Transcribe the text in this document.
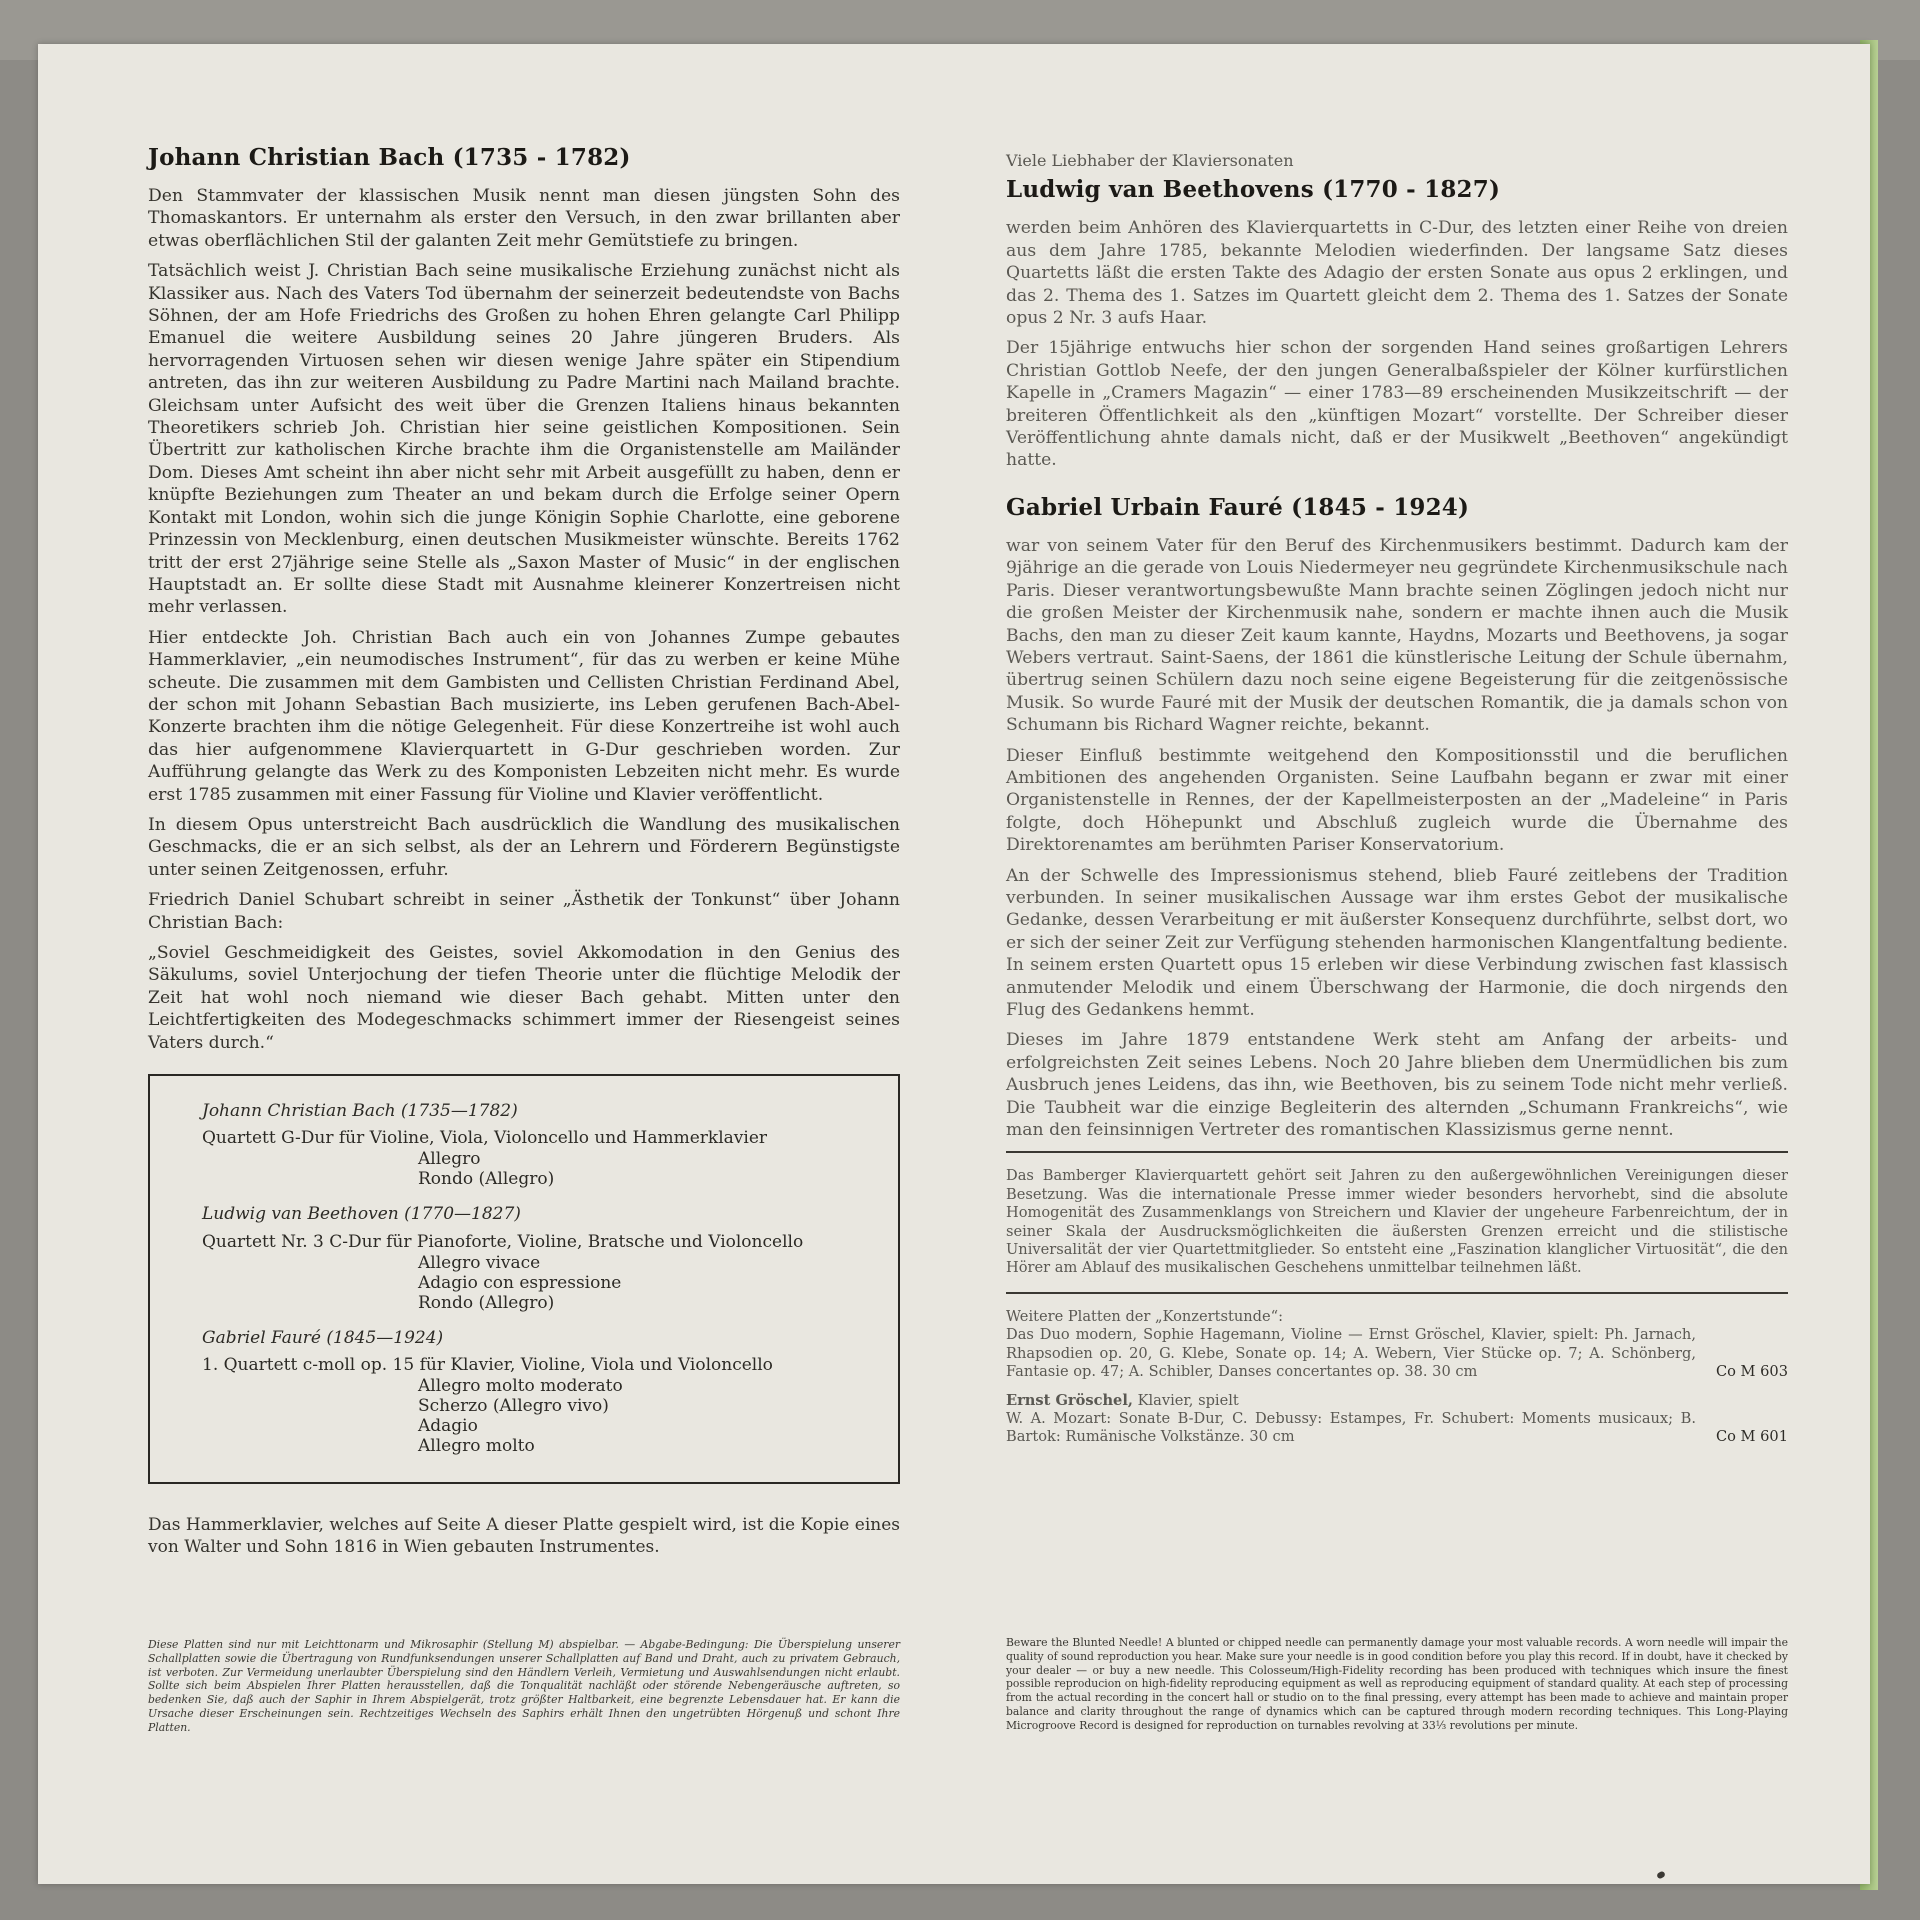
Johann Christian Bach (1735 - 1782)

Den Stammvater der klassischen Musik nennt man diesen jüngsten Sohn des Thomaskantors. Er unternahm als erster den Versuch, in den zwar brillanten aber etwas oberflächlichen Stil der galanten Zeit mehr Gemütstiefe zu bringen.

Tatsächlich weist J. Christian Bach seine musikalische Erziehung zunächst nicht als Klassiker aus. Nach des Vaters Tod übernahm der seinerzeit bedeutendste von Bachs Söhnen, der am Hofe Friedrichs des Großen zu hohen Ehren gelangte Carl Philipp Emanuel die weitere Ausbildung seines 20 Jahre jüngeren Bruders. Als hervorragenden Virtuosen sehen wir diesen wenige Jahre später ein Stipendium antreten, das ihn zur weiteren Ausbildung zu Padre Martini nach Mailand brachte. Gleichsam unter Aufsicht des weit über die Grenzen Italiens hinaus bekannten Theoretikers schrieb Joh. Christian hier seine geistlichen Kompositionen. Sein Übertritt zur katholischen Kirche brachte ihm die Organistenstelle am Mailänder Dom. Dieses Amt scheint ihn aber nicht sehr mit Arbeit ausgefüllt zu haben, denn er knüpfte Beziehungen zum Theater an und bekam durch die Erfolge seiner Opern Kontakt mit London, wohin sich die junge Königin Sophie Charlotte, eine geborene Prinzessin von Mecklenburg, einen deutschen Musikmeister wünschte. Bereits 1762 tritt der erst 27jährige seine Stelle als „Saxon Master of Music“ in der englischen Hauptstadt an. Er sollte diese Stadt mit Ausnahme kleinerer Konzertreisen nicht mehr verlassen.

Hier entdeckte Joh. Christian Bach auch ein von Johannes Zumpe gebautes Hammerklavier, „ein neumodisches Instrument“, für das zu werben er keine Mühe scheute. Die zusammen mit dem Gambisten und Cellisten Christian Ferdinand Abel, der schon mit Johann Sebastian Bach musizierte, ins Leben gerufenen Bach-Abel-Konzerte brachten ihm die nötige Gelegenheit. Für diese Konzertreihe ist wohl auch das hier aufgenommene Klavierquartett in G-Dur geschrieben worden. Zur Aufführung gelangte das Werk zu des Komponisten Lebzeiten nicht mehr. Es wurde erst 1785 zusammen mit einer Fassung für Violine und Klavier veröffentlicht.

In diesem Opus unterstreicht Bach ausdrücklich die Wandlung des musikalischen Geschmacks, die er an sich selbst, als der an Lehrern und Förderern Begünstigste unter seinen Zeitgenossen, erfuhr.

Friedrich Daniel Schubart schreibt in seiner „Ästhetik der Tonkunst“ über Johann Christian Bach:

„Soviel Geschmeidigkeit des Geistes, soviel Akkomodation in den Genius des Säkulums, soviel Unterjochung der tiefen Theorie unter die flüchtige Melodik der Zeit hat wohl noch niemand wie dieser Bach gehabt. Mitten unter den Leichtfertigkeiten des Modegeschmacks schimmert immer der Riesengeist seines Vaters durch.“

Johann Christian Bach (1735—1782)

Quartett G-Dur für Violine, Viola, Violoncello und Hammerklavier

Allegro

Rondo (Allegro)

Ludwig van Beethoven (1770—1827)

Quartett Nr. 3 C-Dur für Pianoforte, Violine, Bratsche und Violoncello

Allegro vivace

Adagio con espressione

Rondo (Allegro)

Gabriel Fauré (1845—1924)

1. Quartett c-moll op. 15 für Klavier, Violine, Viola und Violoncello

Allegro molto moderato

Scherzo (Allegro vivo)

Adagio

Allegro molto

Das Hammerklavier, welches auf Seite A dieser Platte gespielt wird, ist die Kopie eines von Walter und Sohn 1816 in Wien gebauten Instrumentes.

Diese Platten sind nur mit Leichttonarm und Mikrosaphir (Stellung M) abspielbar. — Abgabe-Bedingung: Die Überspielung unserer Schallplatten sowie die Übertragung von Rundfunksendungen unserer Schallplatten auf Band und Draht, auch zu privatem Gebrauch, ist verboten. Zur Vermeidung unerlaubter Überspielung sind den Händlern Verleih, Vermietung und Auswahlsendungen nicht erlaubt. Sollte sich beim Abspielen Ihrer Platten herausstellen, daß die Tonqualität nachläßt oder störende Nebengeräusche auftreten, so bedenken Sie, daß auch der Saphir in Ihrem Abspielgerät, trotz größter Haltbarkeit, eine begrenzte Lebensdauer hat. Er kann die Ursache dieser Erscheinungen sein. Rechtzeitiges Wechseln des Saphirs erhält Ihnen den ungetrübten Hörgenuß und schont Ihre Platten.

Viele Liebhaber der Klaviersonaten

Ludwig van Beethovens (1770 - 1827)

werden beim Anhören des Klavierquartetts in C-Dur, des letzten einer Reihe von dreien aus dem Jahre 1785, bekannte Melodien wiederfinden. Der langsame Satz dieses Quartetts läßt die ersten Takte des Adagio der ersten Sonate aus opus 2 erklingen, und das 2. Thema des 1. Satzes im Quartett gleicht dem 2. Thema des 1. Satzes der Sonate opus 2 Nr. 3 aufs Haar.

Der 15jährige entwuchs hier schon der sorgenden Hand seines großartigen Lehrers Christian Gottlob Neefe, der den jungen Generalbaßspieler der Kölner kurfürstlichen Kapelle in „Cramers Magazin“ — einer 1783—89 erscheinenden Musikzeitschrift — der breiteren Öffentlichkeit als den „künftigen Mozart“ vorstellte. Der Schreiber dieser Veröffentlichung ahnte damals nicht, daß er der Musikwelt „Beethoven“ angekündigt hatte.

Gabriel Urbain Fauré (1845 - 1924)

war von seinem Vater für den Beruf des Kirchenmusikers bestimmt. Dadurch kam der 9jährige an die gerade von Louis Niedermeyer neu gegründete Kirchenmusikschule nach Paris. Dieser verantwortungsbewußte Mann brachte seinen Zöglingen jedoch nicht nur die großen Meister der Kirchenmusik nahe, sondern er machte ihnen auch die Musik Bachs, den man zu dieser Zeit kaum kannte, Haydns, Mozarts und Beethovens, ja sogar Webers vertraut. Saint-Saens, der 1861 die künstlerische Leitung der Schule übernahm, übertrug seinen Schülern dazu noch seine eigene Begeisterung für die zeitgenössische Musik. So wurde Fauré mit der Musik der deutschen Romantik, die ja damals schon von Schumann bis Richard Wagner reichte, bekannt.

Dieser Einfluß bestimmte weitgehend den Kompositionsstil und die beruflichen Ambitionen des angehenden Organisten. Seine Laufbahn begann er zwar mit einer Organistenstelle in Rennes, der der Kapellmeisterposten an der „Madeleine“ in Paris folgte, doch Höhepunkt und Abschluß zugleich wurde die Übernahme des Direktorenamtes am berühmten Pariser Konservatorium.

An der Schwelle des Impressionismus stehend, blieb Fauré zeitlebens der Tradition verbunden. In seiner musikalischen Aussage war ihm erstes Gebot der musikalische Gedanke, dessen Verarbeitung er mit äußerster Konsequenz durchführte, selbst dort, wo er sich der seiner Zeit zur Verfügung stehenden harmonischen Klangentfaltung bediente. In seinem ersten Quartett opus 15 erleben wir diese Verbindung zwischen fast klassisch anmutender Melodik und einem Überschwang der Harmonie, die doch nirgends den Flug des Gedankens hemmt.

Dieses im Jahre 1879 entstandene Werk steht am Anfang der arbeits- und erfolgreichsten Zeit seines Lebens. Noch 20 Jahre blieben dem Unermüdlichen bis zum Ausbruch jenes Leidens, das ihn, wie Beethoven, bis zu seinem Tode nicht mehr verließ. Die Taubheit war die einzige Begleiterin des alternden „Schumann Frankreichs“, wie man den feinsinnigen Vertreter des romantischen Klassizismus gerne nennt.

Das Bamberger Klavierquartett gehört seit Jahren zu den außergewöhnlichen Vereinigungen dieser Besetzung. Was die internationale Presse immer wieder besonders hervorhebt, sind die absolute Homogenität des Zusammenklangs von Streichern und Klavier der ungeheure Farbenreichtum, der in seiner Skala der Ausdrucksmöglichkeiten die äußersten Grenzen erreicht und die stilistische Universalität der vier Quartettmitglieder. So entsteht eine „Faszination klanglicher Virtuosität“, die den Hörer am Ablauf des musikalischen Geschehens unmittelbar teilnehmen läßt.

Weitere Platten der „Konzertstunde“:

Das Duo modern, Sophie Hagemann, Violine — Ernst Gröschel, Klavier, spielt: Ph. Jarnach, Rhapsodien op. 20, G. Klebe, Sonate op. 14; A. Webern, Vier Stücke op. 7; A. Schönberg, Fantasie op. 47; A. Schibler, Danses concertantes op. 38. 30 cm	Co M 603

Ernst Gröschel, Klavier, spielt

W. A. Mozart: Sonate B-Dur, C. Debussy: Estampes, Fr. Schubert: Moments musicaux; B. Bartok: Rumänische Volkstänze. 30 cm	Co M 601

Beware the Blunted Needle! A blunted or chipped needle can permanently damage your most valuable records. A worn needle will impair the quality of sound reproduction you hear. Make sure your needle is in good condition before you play this record. If in doubt, have it checked by your dealer — or buy a new needle. This Colosseum/High-Fidelity recording has been produced with techniques which insure the finest possible reproducion on high-fidelity reproducing equipment as well as reproducing equipment of standard quality. At each step of processing from the actual recording in the concert hall or studio on to the final pressing, every attempt has been made to achieve and maintain proper balance and clarity throughout the range of dynamics which can be captured through modern recording techniques. This Long-Playing Microgroove Record is designed for reproduction on turnables revolving at 33⅓ revolutions per minute.
